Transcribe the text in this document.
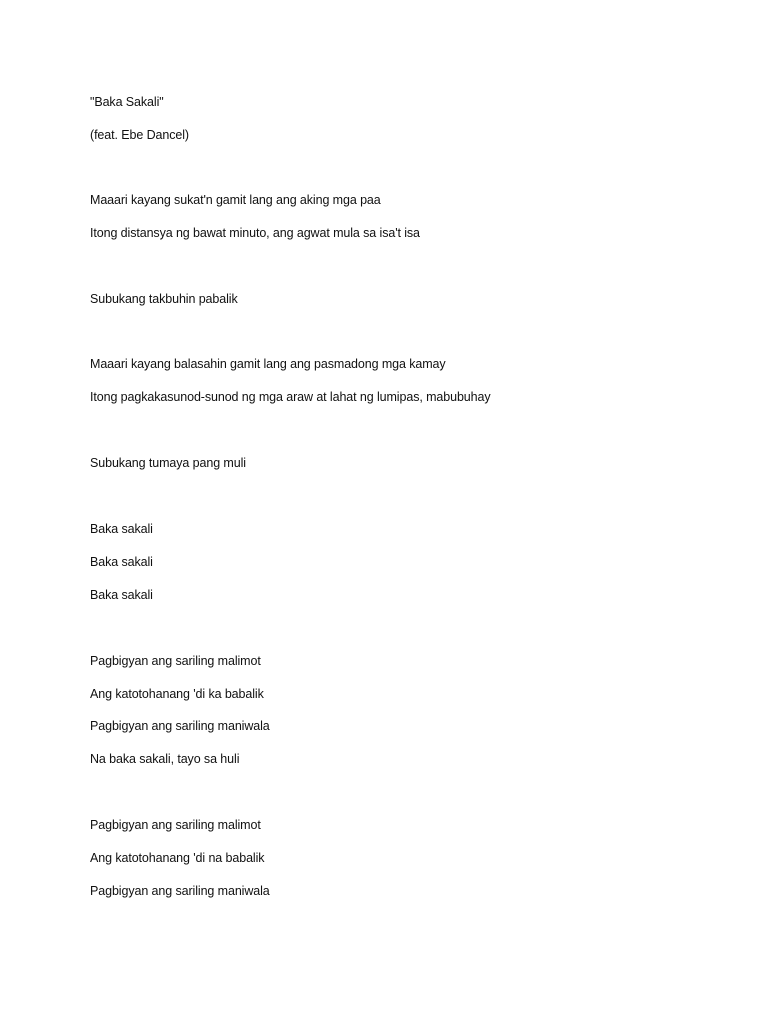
"Baka Sakali"
(feat. Ebe Dancel)
Maaari kayang sukat'n gamit lang ang aking mga paa
Itong distansya ng bawat minuto, ang agwat mula sa isa't isa
Subukang takbuhin pabalik
Maaari kayang balasahin gamit lang ang pasmadong mga kamay
Itong pagkakasunod-sunod ng mga araw at lahat ng lumipas, mabubuhay
Subukang tumaya pang muli
Baka sakali
Baka sakali
Baka sakali
Pagbigyan ang sariling malimot
Ang katotohanang 'di ka babalik
Pagbigyan ang sariling maniwala
Na baka sakali, tayo sa huli
Pagbigyan ang sariling malimot
Ang katotohanang 'di na babalik
Pagbigyan ang sariling maniwala
